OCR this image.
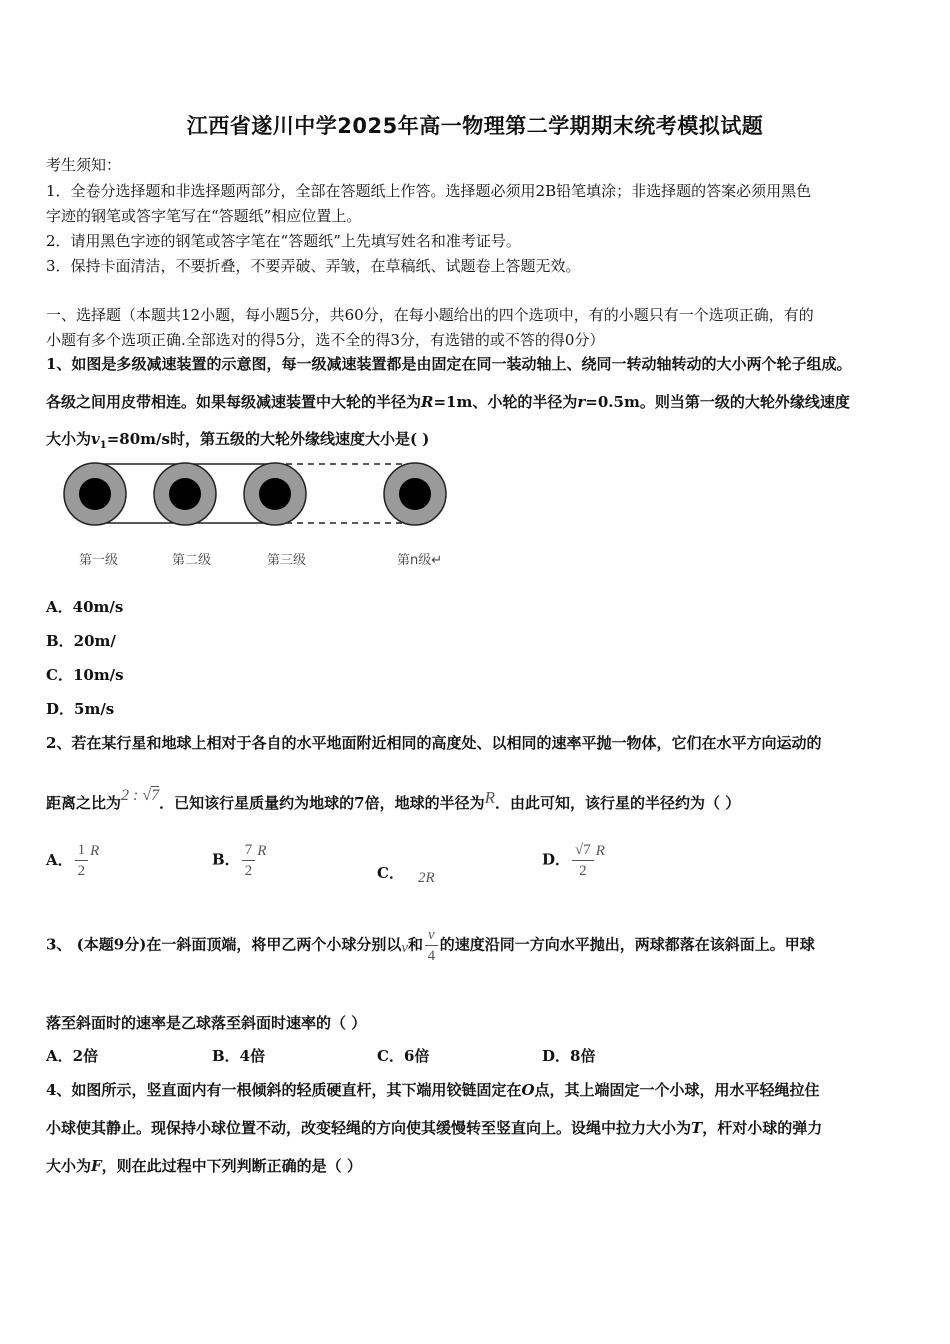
江西省遂川中学2025年高一物理第二学期期末统考模拟试题
考生须知：
1．全卷分选择题和非选择题两部分，全部在答题纸上作答。选择题必须用2B铅笔填涂；非选择题的答案必须用黑色
字迹的钢笔或答字笔写在“答题纸”相应位置上。
2．请用黑色字迹的钢笔或答字笔在“答题纸”上先填写姓名和准考证号。
3．保持卡面清洁，不要折叠，不要弄破、弄皱，在草稿纸、试题卷上答题无效。
一、选择题（本题共12小题，每小题5分，共60分，在每小题给出的四个选项中，有的小题只有一个选项正确，有的
小题有多个选项正确.全部选对的得5分，选不全的得3分，有选错的或不答的得0分）
1、如图是多级减速装置的示意图，每一级减速装置都是由固定在同一装动轴上、绕同一转动轴转动的大小两个轮子组成。
各级之间用皮带相连。如果每级减速装置中大轮的半径为R=1m、小轮的半径为r=0.5m。则当第一级的大轮外缘线速度
大小为$v_1=80m/s$时，第五级的大轮外缘线速度大小是( )
第一级	第二级	第三级	第n级↵
A．40m/s
B．20m/
C．10m/s
D．5m/s
2、若在某行星和地球上相对于各自的水平地面附近相同的高度处、以相同的速率平抛一物体，它们在水平方向运动的
距离之比为2 : √7．已知该行星质量约为地球的7倍，地球的半径为R．由此可知，该行星的半径约为（ ）
A． $\frac{1}{2}$ R	B． $\frac{7}{2}$ R
C． 2R
D． $\frac{√7}{2}$ R
3、 (本题9分)在一斜面顶端，将甲乙两个小球分别以v和 $\frac{v}{4}$ 的速度沿同一方向水平抛出，两球都落在该斜面上。甲球
落至斜面时的速率是乙球落至斜面时速率的（ ）
A．2倍	B．4倍	C．6倍	D．8倍
4、如图所示，竖直面内有一根倾斜的轻质硬直杆，其下端用铰链固定在O点，其上端固定一个小球，用水平轻绳拉住
小球使其静止。现保持小球位置不动，改变轻绳的方向使其缓慢转至竖直向上。设绳中拉力大小为T，杆对小球的弹力
大小为F，则在此过程中下列判断正确的是（ ）
